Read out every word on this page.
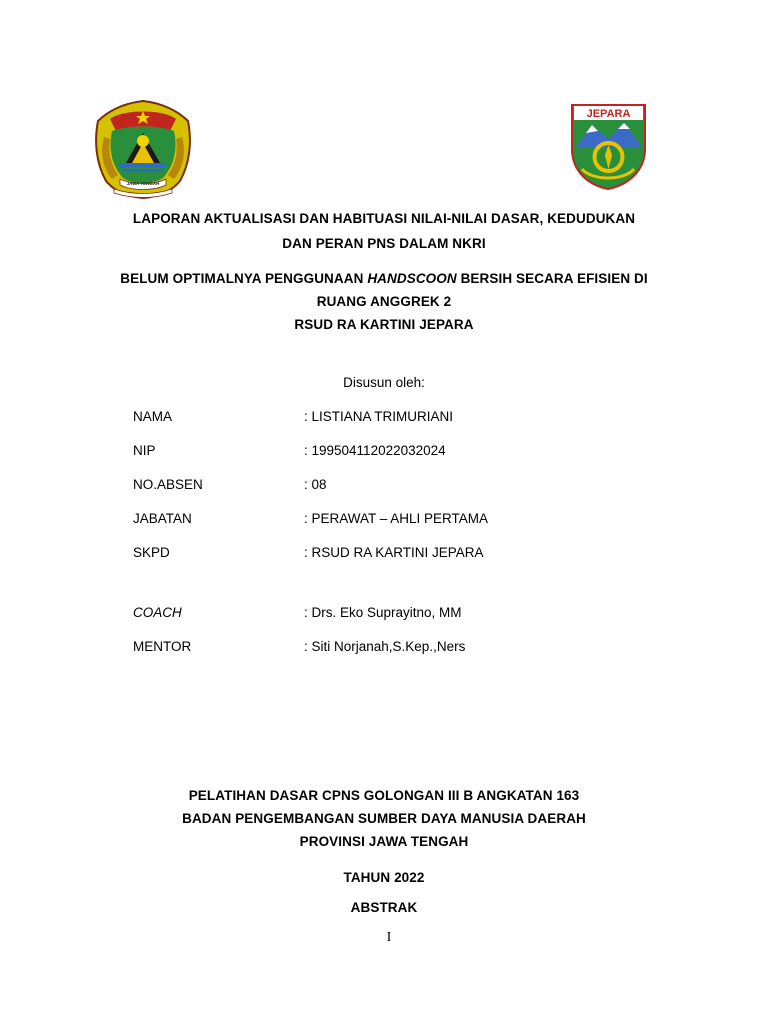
JAWA TENGAH
JEPARA
LAPORAN AKTUALISASI DAN HABITUASI NILAI-NILAI DASAR, KEDUDUKAN
DAN PERAN PNS DALAM NKRI
BELUM OPTIMALNYA PENGGUNAAN HANDSCOON BERSIH SECARA EFISIEN DI
RUANG ANGGREK 2
RSUD RA KARTINI JEPARA
Disusun oleh:
NAMA	: LISTIANA TRIMURIANI
NIP	: 199504112022032024
NO.ABSEN	: 08
JABATAN	: PERAWAT – AHLI PERTAMA
SKPD	: RSUD RA KARTINI JEPARA
COACH	: Drs. Eko Suprayitno, MM
MENTOR	: Siti Norjanah,S.Kep.,Ners
PELATIHAN DASAR CPNS GOLONGAN III B ANGKATAN 163
BADAN PENGEMBANGAN SUMBER DAYA MANUSIA DAERAH
PROVINSI JAWA TENGAH
TAHUN 2022
ABSTRAK
I
